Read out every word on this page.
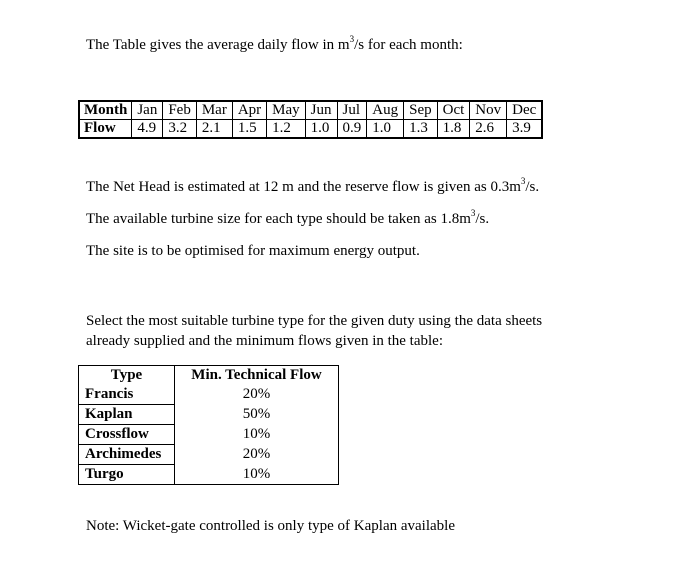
The Table gives the average daily flow in $m^3/s$ for each month:
Month	Jan	Feb	Mar	Apr	May	Jun	Jul	Aug	Sep	Oct	Nov	Dec
Flow	4.9	3.2	2.1	1.5	1.2	1.0	0.9	1.0	1.3	1.8	2.6	3.9
The Net Head is estimated at 12 m and the reserve flow is given as $0.3m^3/s$.
The available turbine size for each type should be taken as $1.8m^3/s$.
The site is to be optimised for maximum energy output.
Select the most suitable turbine type for the given duty using the data sheets
already supplied and the minimum flows given in the table:
Type	Min. Technical Flow
Francis	20%
Kaplan	50%
Crossflow	10%
Archimedes	20%
Turgo	10%
Note: Wicket-gate controlled is only type of Kaplan available
